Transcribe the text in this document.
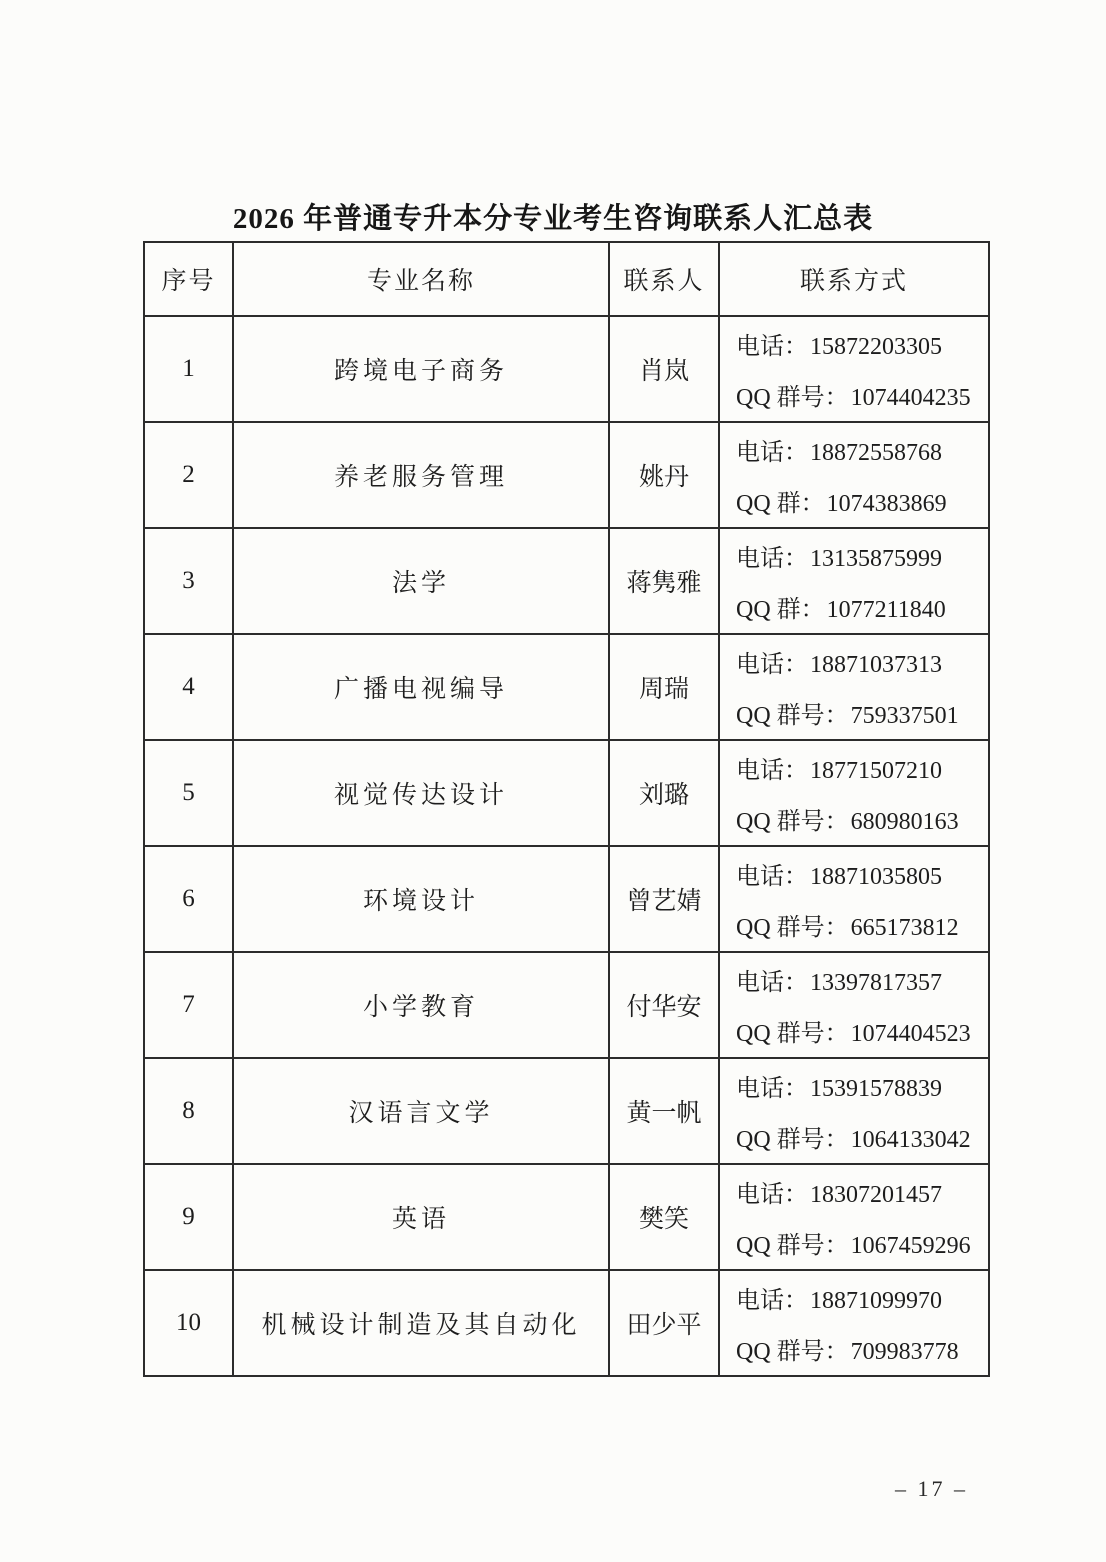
2026 年普通专升本分专业考生咨询联系人汇总表
序号	专业名称	联系人	联系方式
1	跨境电子商务	肖岚	电话：15872203305
QQ 群号：1074404235

2	养老服务管理	姚丹	电话：18872558768
QQ 群：1074383869

3	法学	蒋隽雅	电话：13135875999
QQ 群：1077211840

4	广播电视编导	周瑞	电话：18871037313
QQ 群号：759337501

5	视觉传达设计	刘璐	电话：18771507210
QQ 群号：680980163

6	环境设计	曾艺婧	电话：18871035805
QQ 群号：665173812

7	小学教育	付华安	电话：13397817357
QQ 群号：1074404523

8	汉语言文学	黄一帆	电话：15391578839
QQ 群号：1064133042

9	英语	樊笑	电话：18307201457
QQ 群号：1067459296

10	机械设计制造及其自动化	田少平	电话：18871099970
QQ 群号：709983778
– 17 –
